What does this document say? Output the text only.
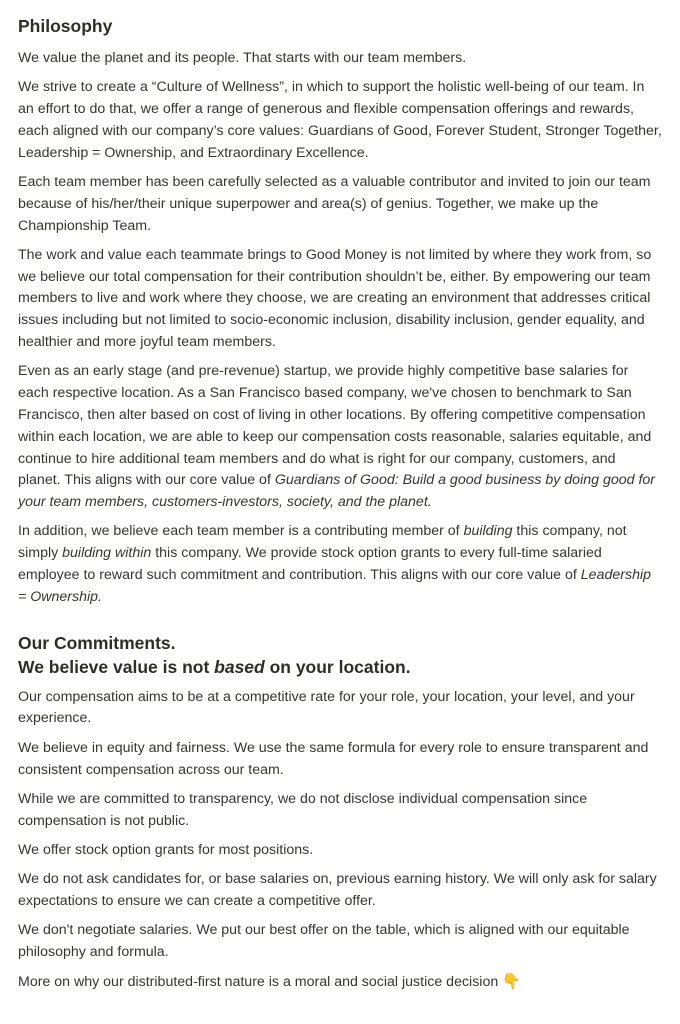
Philosophy

We value the planet and its people. That starts with our team members.

We strive to create a “Culture of Wellness”, in which to support the holistic well-being of our team. In an effort to do that, we offer a range of generous and flexible compensation offerings and rewards, each aligned with our company’s core values: Guardians of Good, Forever Student, Stronger Together, Leadership = Ownership, and Extraordinary Excellence.

Each team member has been carefully selected as a valuable contributor and invited to join our team because of his/her/their unique superpower and area(s) of genius. Together, we make up the Championship Team.

The work and value each teammate brings to Good Money is not limited by where they work from, so we believe our total compensation for their contribution shouldn’t be, either. By empowering our team members to live and work where they choose, we are creating an environment that addresses critical issues including but not limited to socio-economic inclusion, disability inclusion, gender equality, and healthier and more joyful team members.

Even as an early stage (and pre-revenue) startup, we provide highly competitive base salaries for each respective location. As a San Francisco based company, we've chosen to benchmark to San Francisco, then alter based on cost of living in other locations. By offering competitive compensation within each location, we are able to keep our compensation costs reasonable, salaries equitable, and continue to hire additional team members and do what is right for our company, customers, and planet. This aligns with our core value of Guardians of Good: Build a good business by doing good for your team members, customers-investors, society, and the planet.

In addition, we believe each team member is a contributing member of building this company, not simply building within this company. We provide stock option grants to every full-time salaried employee to reward such commitment and contribution. This aligns with our core value of Leadership = Ownership.

Our Commitments.
We believe value is not based on your location.

Our compensation aims to be at a competitive rate for your role, your location, your level, and your experience.

We believe in equity and fairness. We use the same formula for every role to ensure transparent and consistent compensation across our team.

While we are committed to transparency, we do not disclose individual compensation since compensation is not public.

We offer stock option grants for most positions.

We do not ask candidates for, or base salaries on, previous earning history. We will only ask for salary expectations to ensure we can create a competitive offer.

We don't negotiate salaries. We put our best offer on the table, which is aligned with our equitable philosophy and formula.

More on why our distributed-first nature is a moral and social justice decision 👇
